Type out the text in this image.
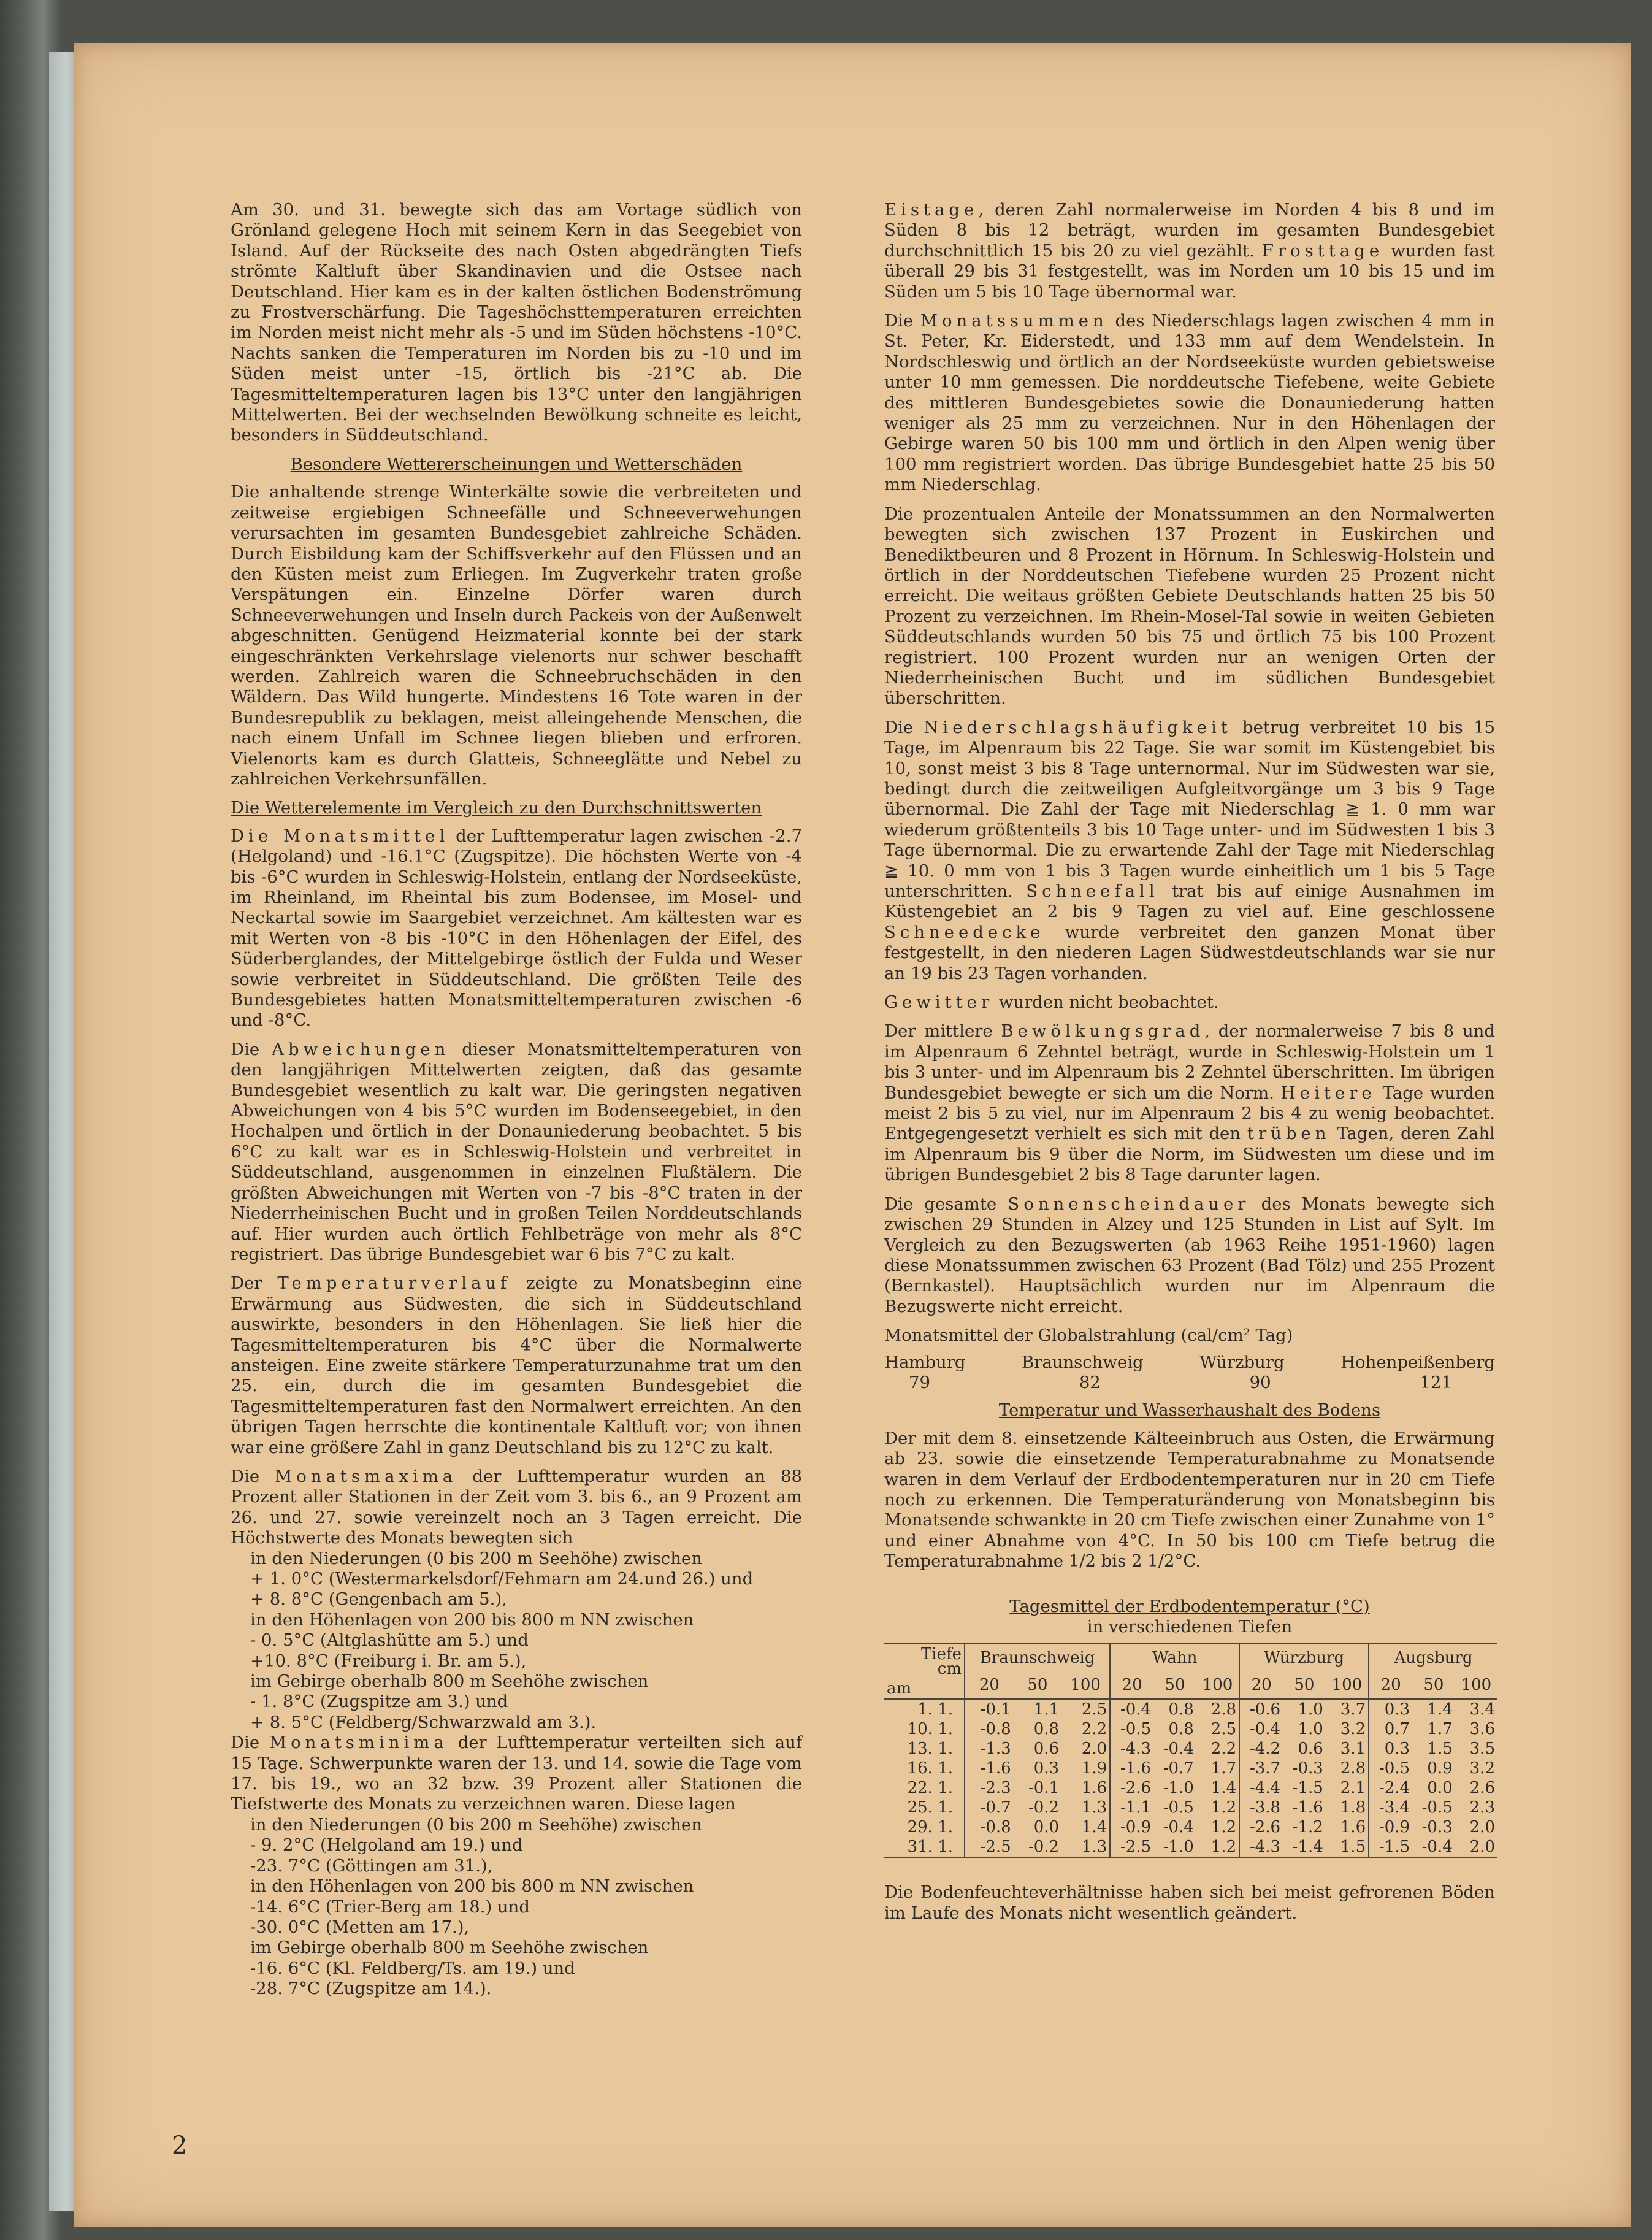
Am 30. und 31. bewegte sich das am Vortage südlich von Grönland gelegene Hoch mit seinem Kern in das Seegebiet von Island. Auf der Rückseite des nach Osten abgedrängten Tiefs strömte Kaltluft über Skandinavien und die Ostsee nach Deutschland. Hier kam es in der kalten östlichen Bodenströmung zu Frostverschärfung. Die Tageshöchsttemperaturen erreichten im Norden meist nicht mehr als -5 und im Süden höchstens -10°C. Nachts sanken die Temperaturen im Norden bis zu -10 und im Süden meist unter -15, örtlich bis -21°C ab. Die Tagesmitteltemperaturen lagen bis 13°C unter den langjährigen Mittelwerten. Bei der wechselnden Bewölkung schneite es leicht, besonders in Süddeutschland.

Besondere Wettererscheinungen und Wetterschäden

Die anhaltende strenge Winterkälte sowie die verbreiteten und zeitweise ergiebigen Schneefälle und Schneeverwehungen verursachten im gesamten Bundesgebiet zahlreiche Schäden. Durch Eisbildung kam der Schiffsverkehr auf den Flüssen und an den Küsten meist zum Erliegen. Im Zugverkehr traten große Verspätungen ein. Einzelne Dörfer waren durch Schneeverwehungen und Inseln durch Packeis von der Außenwelt abgeschnitten. Genügend Heizmaterial konnte bei der stark eingeschränkten Verkehrslage vielenorts nur schwer beschafft werden. Zahlreich waren die Schneebruchschäden in den Wäldern. Das Wild hungerte. Mindestens 16 Tote waren in der Bundesrepublik zu beklagen, meist alleingehende Menschen, die nach einem Unfall im Schnee liegen blieben und erfroren. Vielenorts kam es durch Glatteis, Schneeglätte und Nebel zu zahlreichen Verkehrsunfällen.

Die Wetterelemente im Vergleich zu den Durchschnittswerten

Die Monatsmittel der Lufttemperatur lagen zwischen -2.7 (Helgoland) und -16.1°C (Zugspitze). Die höchsten Werte von -4 bis -6°C wurden in Schleswig-Holstein, entlang der Nordseeküste, im Rheinland, im Rheintal bis zum Bodensee, im Mosel- und Neckartal sowie im Saargebiet verzeichnet. Am kältesten war es mit Werten von -8 bis -10°C in den Höhenlagen der Eifel, des Süderberglandes, der Mittelgebirge östlich der Fulda und Weser sowie verbreitet in Süddeutschland. Die größten Teile des Bundesgebietes hatten Monatsmitteltemperaturen zwischen -6 und -8°C.

Die Abweichungen dieser Monatsmitteltemperaturen von den langjährigen Mittelwerten zeigten, daß das gesamte Bundesgebiet wesentlich zu kalt war. Die geringsten negativen Abweichungen von 4 bis 5°C wurden im Bodenseegebiet, in den Hochalpen und örtlich in der Donauniederung beobachtet. 5 bis 6°C zu kalt war es in Schleswig-Holstein und verbreitet in Süddeutschland, ausgenommen in einzelnen Flußtälern. Die größten Abweichungen mit Werten von -7 bis -8°C traten in der Niederrheinischen Bucht und in großen Teilen Norddeutschlands auf. Hier wurden auch örtlich Fehlbeträge von mehr als 8°C registriert. Das übrige Bundesgebiet war 6 bis 7°C zu kalt.

Der Temperaturverlauf zeigte zu Monatsbeginn eine Erwärmung aus Südwesten, die sich in Süddeutschland auswirkte, besonders in den Höhenlagen. Sie ließ hier die Tagesmitteltemperaturen bis 4°C über die Normalwerte ansteigen. Eine zweite stärkere Temperaturzunahme trat um den 25. ein, durch die im gesamten Bundesgebiet die Tagesmitteltemperaturen fast den Normalwert erreichten. An den übrigen Tagen herrschte die kontinentale Kaltluft vor; von ihnen war eine größere Zahl in ganz Deutschland bis zu 12°C zu kalt.

Die Monatsmaxima der Lufttemperatur wurden an 88 Prozent aller Stationen in der Zeit vom 3. bis 6., an 9 Prozent am 26. und 27. sowie vereinzelt noch an 3 Tagen erreicht. Die Höchstwerte des Monats bewegten sich

in den Niederungen (0 bis 200 m Seehöhe) zwischen
+ 1. 0°C (Westermarkelsdorf/Fehmarn am 24.und 26.) und
+ 8. 8°C (Gengenbach am 5.),
in den Höhenlagen von 200 bis 800 m NN zwischen
- 0. 5°C (Altglashütte am 5.) und
+10. 8°C (Freiburg i. Br. am 5.),
im Gebirge oberhalb 800 m Seehöhe zwischen
- 1. 8°C (Zugspitze am 3.) und
+ 8. 5°C (Feldberg/Schwarzwald am 3.).

Die Monatsminima der Lufttemperatur verteilten sich auf 15 Tage. Schwerpunkte waren der 13. und 14. sowie die Tage vom 17. bis 19., wo an 32 bzw. 39 Prozent aller Stationen die Tiefstwerte des Monats zu verzeichnen waren. Diese lagen

in den Niederungen (0 bis 200 m Seehöhe) zwischen
- 9. 2°C (Helgoland am 19.) und
-23. 7°C (Göttingen am 31.),
in den Höhenlagen von 200 bis 800 m NN zwischen
-14. 6°C (Trier-Berg am 18.) und
-30. 0°C (Metten am 17.),
im Gebirge oberhalb 800 m Seehöhe zwischen
-16. 6°C (Kl. Feldberg/Ts. am 19.) und
-28. 7°C (Zugspitze am 14.).

Eistage, deren Zahl normalerweise im Norden 4 bis 8 und im Süden 8 bis 12 beträgt, wurden im gesamten Bundesgebiet durchschnittlich 15 bis 20 zu viel gezählt. Frosttage wurden fast überall 29 bis 31 festgestellt, was im Norden um 10 bis 15 und im Süden um 5 bis 10 Tage übernormal war.

Die Monatssummen des Niederschlags lagen zwischen 4 mm in St. Peter, Kr. Eiderstedt, und 133 mm auf dem Wendelstein. In Nordschleswig und örtlich an der Nordseeküste wurden gebietsweise unter 10 mm gemessen. Die norddeutsche Tiefebene, weite Gebiete des mittleren Bundesgebietes sowie die Donauniederung hatten weniger als 25 mm zu verzeichnen. Nur in den Höhenlagen der Gebirge waren 50 bis 100 mm und örtlich in den Alpen wenig über 100 mm registriert worden. Das übrige Bundesgebiet hatte 25 bis 50 mm Niederschlag.

Die prozentualen Anteile der Monatssummen an den Normalwerten bewegten sich zwischen 137 Prozent in Euskirchen und Benediktbeuren und 8 Prozent in Hörnum. In Schleswig-Holstein und örtlich in der Norddeutschen Tiefebene wurden 25 Prozent nicht erreicht. Die weitaus größten Gebiete Deutschlands hatten 25 bis 50 Prozent zu verzeichnen. Im Rhein-Mosel-Tal sowie in weiten Gebieten Süddeutschlands wurden 50 bis 75 und örtlich 75 bis 100 Prozent registriert. 100 Prozent wurden nur an wenigen Orten der Niederrheinischen Bucht und im südlichen Bundesgebiet überschritten.

Die Niederschlagshäufigkeit betrug verbreitet 10 bis 15 Tage, im Alpenraum bis 22 Tage. Sie war somit im Küstengebiet bis 10, sonst meist 3 bis 8 Tage unternormal. Nur im Südwesten war sie, bedingt durch die zeitweiligen Aufgleitvorgänge um 3 bis 9 Tage übernormal. Die Zahl der Tage mit Niederschlag ≧ 1. 0 mm war wiederum größtenteils 3 bis 10 Tage unter- und im Südwesten 1 bis 3 Tage übernormal. Die zu erwartende Zahl der Tage mit Niederschlag ≧ 10. 0 mm von 1 bis 3 Tagen wurde einheitlich um 1 bis 5 Tage unterschritten. Schneefall trat bis auf einige Ausnahmen im Küstengebiet an 2 bis 9 Tagen zu viel auf. Eine geschlossene Schneedecke wurde verbreitet den ganzen Monat über festgestellt, in den niederen Lagen Südwestdeutschlands war sie nur an 19 bis 23 Tagen vorhanden.

Gewitter wurden nicht beobachtet.

Der mittlere Bewölkungsgrad, der normalerweise 7 bis 8 und im Alpenraum 6 Zehntel beträgt, wurde in Schleswig-Holstein um 1 bis 3 unter- und im Alpenraum bis 2 Zehntel überschritten. Im übrigen Bundesgebiet bewegte er sich um die Norm. Heitere Tage wurden meist 2 bis 5 zu viel, nur im Alpenraum 2 bis 4 zu wenig beobachtet. Entgegengesetzt verhielt es sich mit den trüben Tagen, deren Zahl im Alpenraum bis 9 über die Norm, im Südwesten um diese und im übrigen Bundesgebiet 2 bis 8 Tage darunter lagen.

Die gesamte Sonnenscheindauer des Monats bewegte sich zwischen 29 Stunden in Alzey und 125 Stunden in List auf Sylt. Im Vergleich zu den Bezugswerten (ab 1963 Reihe 1951-1960) lagen diese Monatssummen zwischen 63 Prozent (Bad Tölz) und 255 Prozent (Bernkastel). Hauptsächlich wurden nur im Alpenraum die Bezugswerte nicht erreicht.

Monatsmittel der Globalstrahlung (cal/cm² Tag)
Hamburg	Braunschweig	Würzburg	Hohenpeißenberg
79	82	90	121
Temperatur und Wasserhaushalt des Bodens

Der mit dem 8. einsetzende Kälteeinbruch aus Osten, die Erwärmung ab 23. sowie die einsetzende Temperaturabnahme zu Monatsende waren in dem Verlauf der Erdbodentemperaturen nur in 20 cm Tiefe noch zu erkennen. Die Temperaturänderung von Monatsbeginn bis Monatsende schwankte in 20 cm Tiefe zwischen einer Zunahme von 1° und einer Abnahme von 4°C. In 50 bis 100 cm Tiefe betrug die Temperaturabnahme 1/2 bis 2 1/2°C.

Tagesmittel der Erdbodentemperatur (°C)
in verschiedenen Tiefen
Tiefe
cm
am	Braunschweig			Wahn			Würzburg			Augsburg		
	20	50	100	20	50	100	20	50	100	20	50	100
1. 1.	-0.1	1.1	2.5	-0.4	0.8	2.8	-0.6	1.0	3.7	0.3	1.4	3.4
10. 1.	-0.8	0.8	2.2	-0.5	0.8	2.5	-0.4	1.0	3.2	0.7	1.7	3.6
13. 1.	-1.3	0.6	2.0	-4.3	-0.4	2.2	-4.2	0.6	3.1	0.3	1.5	3.5
16. 1.	-1.6	0.3	1.9	-1.6	-0.7	1.7	-3.7	-0.3	2.8	-0.5	0.9	3.2
22. 1.	-2.3	-0.1	1.6	-2.6	-1.0	1.4	-4.4	-1.5	2.1	-2.4	0.0	2.6
25. 1.	-0.7	-0.2	1.3	-1.1	-0.5	1.2	-3.8	-1.6	1.8	-3.4	-0.5	2.3
29. 1.	-0.8	0.0	1.4	-0.9	-0.4	1.2	-2.6	-1.2	1.6	-0.9	-0.3	2.0
31. 1.	-2.5	-0.2	1.3	-2.5	-1.0	1.2	-4.3	-1.4	1.5	-1.5	-0.4	2.0

Die Bodenfeuchteverhältnisse haben sich bei meist gefrorenen Böden im Laufe des Monats nicht wesentlich geändert.

2
